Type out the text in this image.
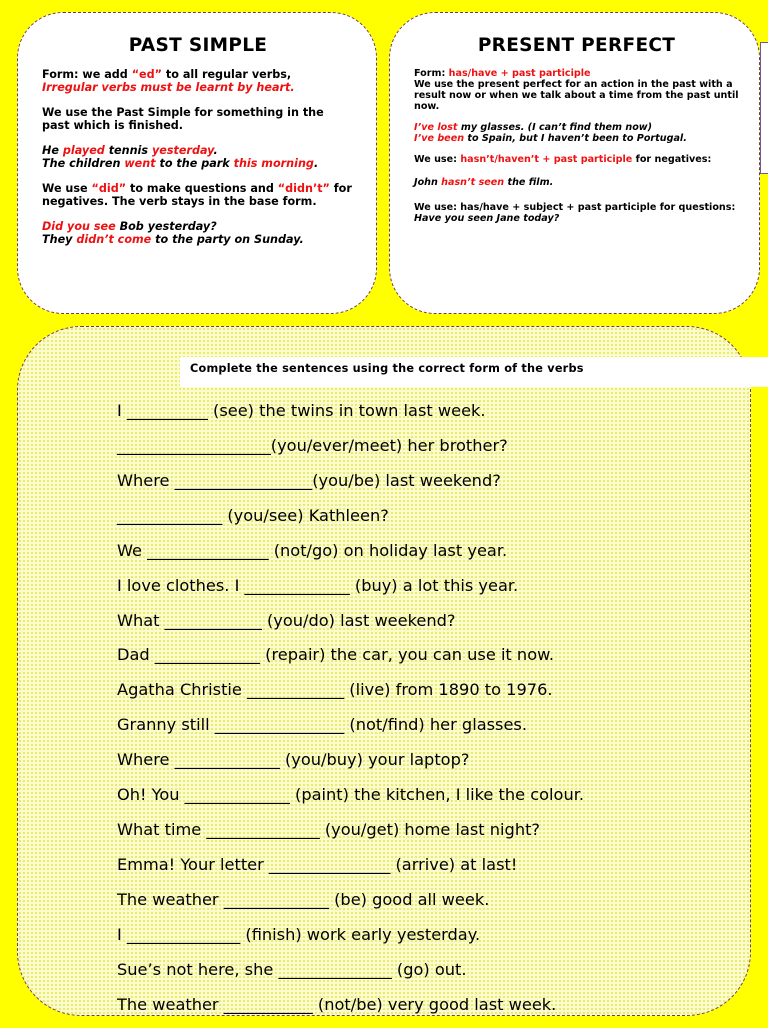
PAST SIMPLE

Form: we add “ed” to all regular verbs,
Irregular verbs must be learnt by heart.

We use the Past Simple for something in the past which is finished.

He played tennis yesterday.
The children went to the park this morning.

We use “did” to make questions and “didn’t” for negatives. The verb stays in the base form.

Did you see Bob yesterday?
They didn’t come to the party on Sunday.

PRESENT PERFECT

Form: has/have + past participle

We use the present perfect for an action in the past with a result now or when we talk about a time from the past until now.

I’ve lost my glasses. (I can’t find them now)
I’ve been to Spain, but I haven’t been to Portugal.

We use: hasn’t/haven’t + past participle for negatives:

John hasn’t seen the film.

We use: has/have + subject + past participle for questions:

Have you seen Jane today?

Complete the sentences using the correct form of the verbs
I __________ (see) the twins in town last week.
___________________(you/ever/meet) her brother?
Where _________________(you/be) last weekend?
_____________ (you/see) Kathleen?
We _______________ (not/go) on holiday last year.
I love clothes. I _____________ (buy) a lot this year.
What ____________ (you/do) last weekend?
Dad _____________ (repair) the car, you can use it now.
Agatha Christie ____________ (live) from 1890 to 1976.
Granny still ________________ (not/find) her glasses.
Where _____________ (you/buy) your laptop?
Oh! You _____________ (paint) the kitchen, I like the colour.
What time ______________ (you/get) home last night?
Emma! Your letter _______________ (arrive) at last!
The weather _____________ (be) good all week.
I ______________ (finish) work early yesterday.
Sue’s not here, she ______________ (go) out.
The weather ___________ (not/be) very good last week.
